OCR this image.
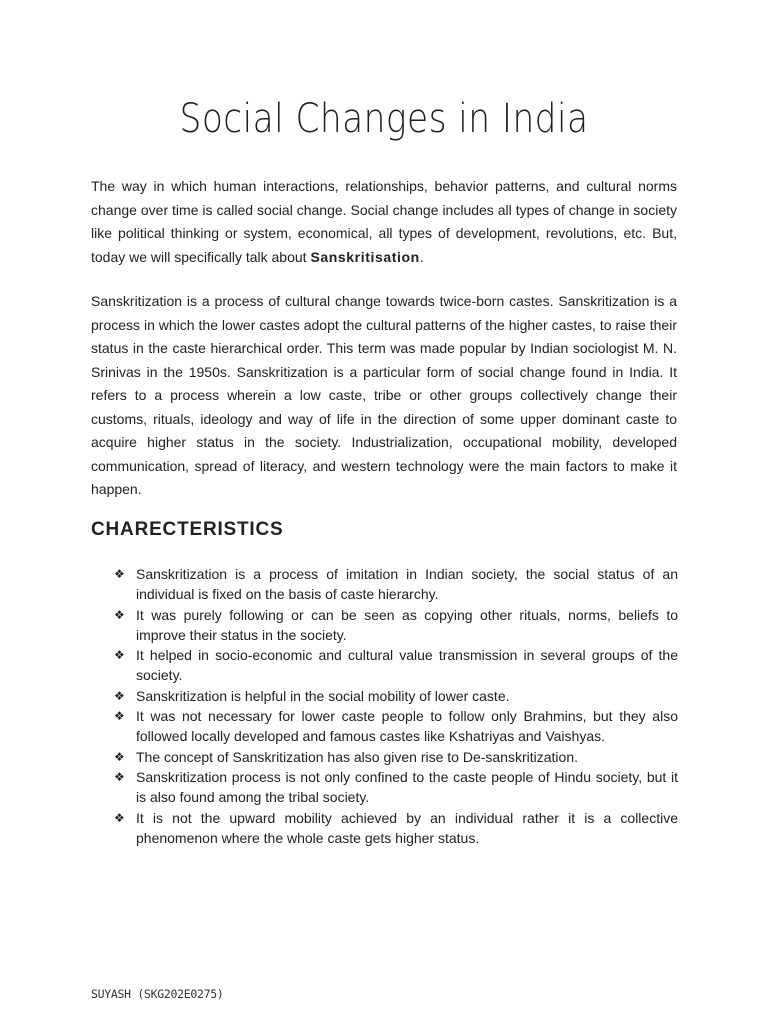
Social Changes in India

The way in which human interactions, relationships, behavior patterns, and cultural norms change over time is called social change. Social change includes all types of change in society like political thinking or system, economical, all types of development, revolutions, etc. But, today we will specifically talk about Sanskritisation.

Sanskritization is a process of cultural change towards twice-born castes. Sanskritization is a process in which the lower castes adopt the cultural patterns of the higher castes, to raise their status in the caste hierarchical order. This term was made popular by Indian sociologist M. N. Srinivas in the 1950s. Sanskritization is a particular form of social change found in India. It refers to a process wherein a low caste, tribe or other groups collectively change their customs, rituals, ideology and way of life in the direction of some upper dominant caste to acquire higher status in the society. Industrialization, occupational mobility, developed communication, spread of literacy, and western technology were the main factors to make it happen.

CHARECTERISTICS
❖ Sanskritization is a process of imitation in Indian society, the social status of an individual is fixed on the basis of caste hierarchy.
❖ It was purely following or can be seen as copying other rituals, norms, beliefs to improve their status in the society.
❖ It helped in socio-economic and cultural value transmission in several groups of the society.
❖ Sanskritization is helpful in the social mobility of lower caste.
❖ It was not necessary for lower caste people to follow only Brahmins, but they also followed locally developed and famous castes like Kshatriyas and Vaishyas.
❖ The concept of Sanskritization has also given rise to De-sanskritization.
❖ Sanskritization process is not only confined to the caste people of Hindu society, but it is also found among the tribal society.
❖ It is not the upward mobility achieved by an individual rather it is a collective phenomenon where the whole caste gets higher status.

SUYASH (SKG202E0275)
